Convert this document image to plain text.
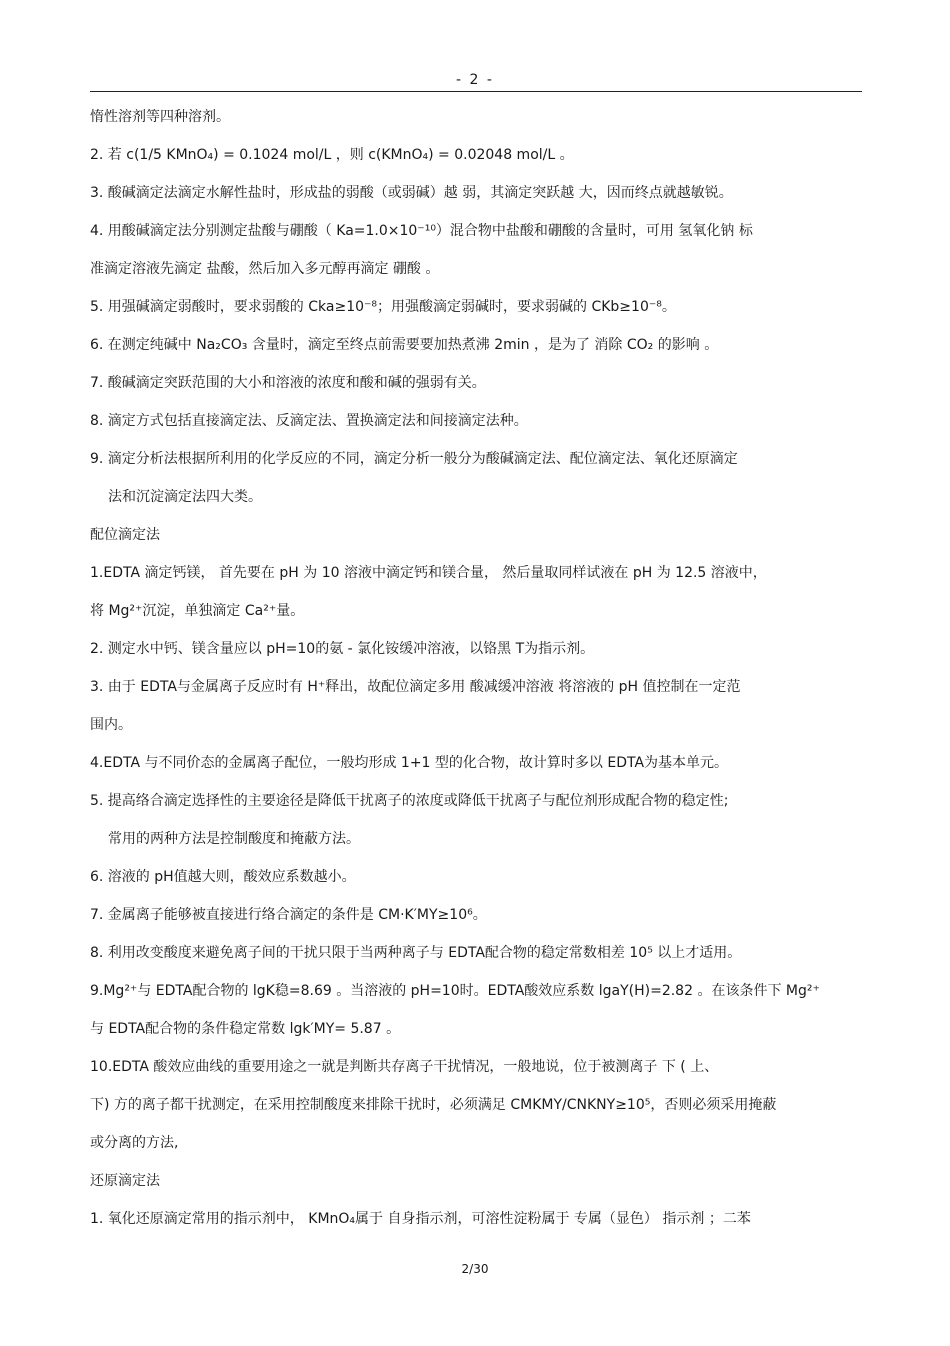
- 2 -
惰性溶剂等四种溶剂。
2. 若 c(1/5 KMnO₄) = 0.1024 mol/L ，则 c(KMnO₄) = 0.02048 mol/L 。
3. 酸碱滴定法滴定水解性盐时，形成盐的弱酸（或弱碱）越 弱，其滴定突跃越 大，因而终点就越敏锐。
4. 用酸碱滴定法分别测定盐酸与硼酸（ Ka=1.0×10⁻¹⁰）混合物中盐酸和硼酸的含量时，可用 氢氧化钠 标
准滴定溶液先滴定 盐酸，然后加入多元醇再滴定 硼酸 。
5. 用强碱滴定弱酸时，要求弱酸的 Cka≥10⁻⁸；用强酸滴定弱碱时，要求弱碱的 CKb≥10⁻⁸。
6. 在测定纯碱中 Na₂CO₃ 含量时，滴定至终点前需要要加热煮沸 2min ，是为了 消除 CO₂ 的影响 。
7. 酸碱滴定突跃范围的大小和溶液的浓度和酸和碱的强弱有关。
8. 滴定方式包括直接滴定法、反滴定法、置换滴定法和间接滴定法种。
9. 滴定分析法根据所利用的化学反应的不同，滴定分析一般分为酸碱滴定法、配位滴定法、氧化还原滴定
法和沉淀滴定法四大类。
配位滴定法
1.EDTA 滴定钙镁， 首先要在 pH 为 10 溶液中滴定钙和镁合量， 然后量取同样试液在 pH 为 12.5 溶液中，
将 Mg²⁺沉淀，单独滴定 Ca²⁺量。
2. 测定水中钙、镁含量应以 pH=10的氨 - 氯化铵缓冲溶液，以铬黑 T为指示剂。
3. 由于 EDTA与金属离子反应时有 H⁺释出，故配位滴定多用 酸减缓冲溶液 将溶液的 pH 值控制在一定范
围内。
4.EDTA 与不同价态的金属离子配位，一般均形成 1+1 型的化合物，故计算时多以 EDTA为基本单元。
5. 提高络合滴定选择性的主要途径是降低干扰离子的浓度或降低干扰离子与配位剂形成配合物的稳定性;
常用的两种方法是控制酸度和掩蔽方法。
6. 溶液的 pH值越大则，酸效应系数越小。
7. 金属离子能够被直接进行络合滴定的条件是 CM·K′MY≥10⁶。
8. 利用改变酸度来避免离子间的干扰只限于当两种离子与 EDTA配合物的稳定常数相差 10⁵ 以上才适用。
9.Mg²⁺与 EDTA配合物的 lgK稳=8.69 。当溶液的 pH=10时。EDTA酸效应系数 lgaY(H)=2.82 。在该条件下 Mg²⁺
与 EDTA配合物的条件稳定常数 lgk′MY= 5.87 。
10.EDTA 酸效应曲线的重要用途之一就是判断共存离子干扰情况，一般地说，位于被测离子 下 ( 上、
下) 方的离子都干扰测定，在采用控制酸度来排除干扰时，必须满足 CMKMY/CNKNY≥10⁵，否则必须采用掩蔽
或分离的方法,
还原滴定法
1. 氧化还原滴定常用的指示剂中， KMnO₄属于 自身指示剂，可溶性淀粉属于 专属（显色） 指示剂 ；二苯
2/30
